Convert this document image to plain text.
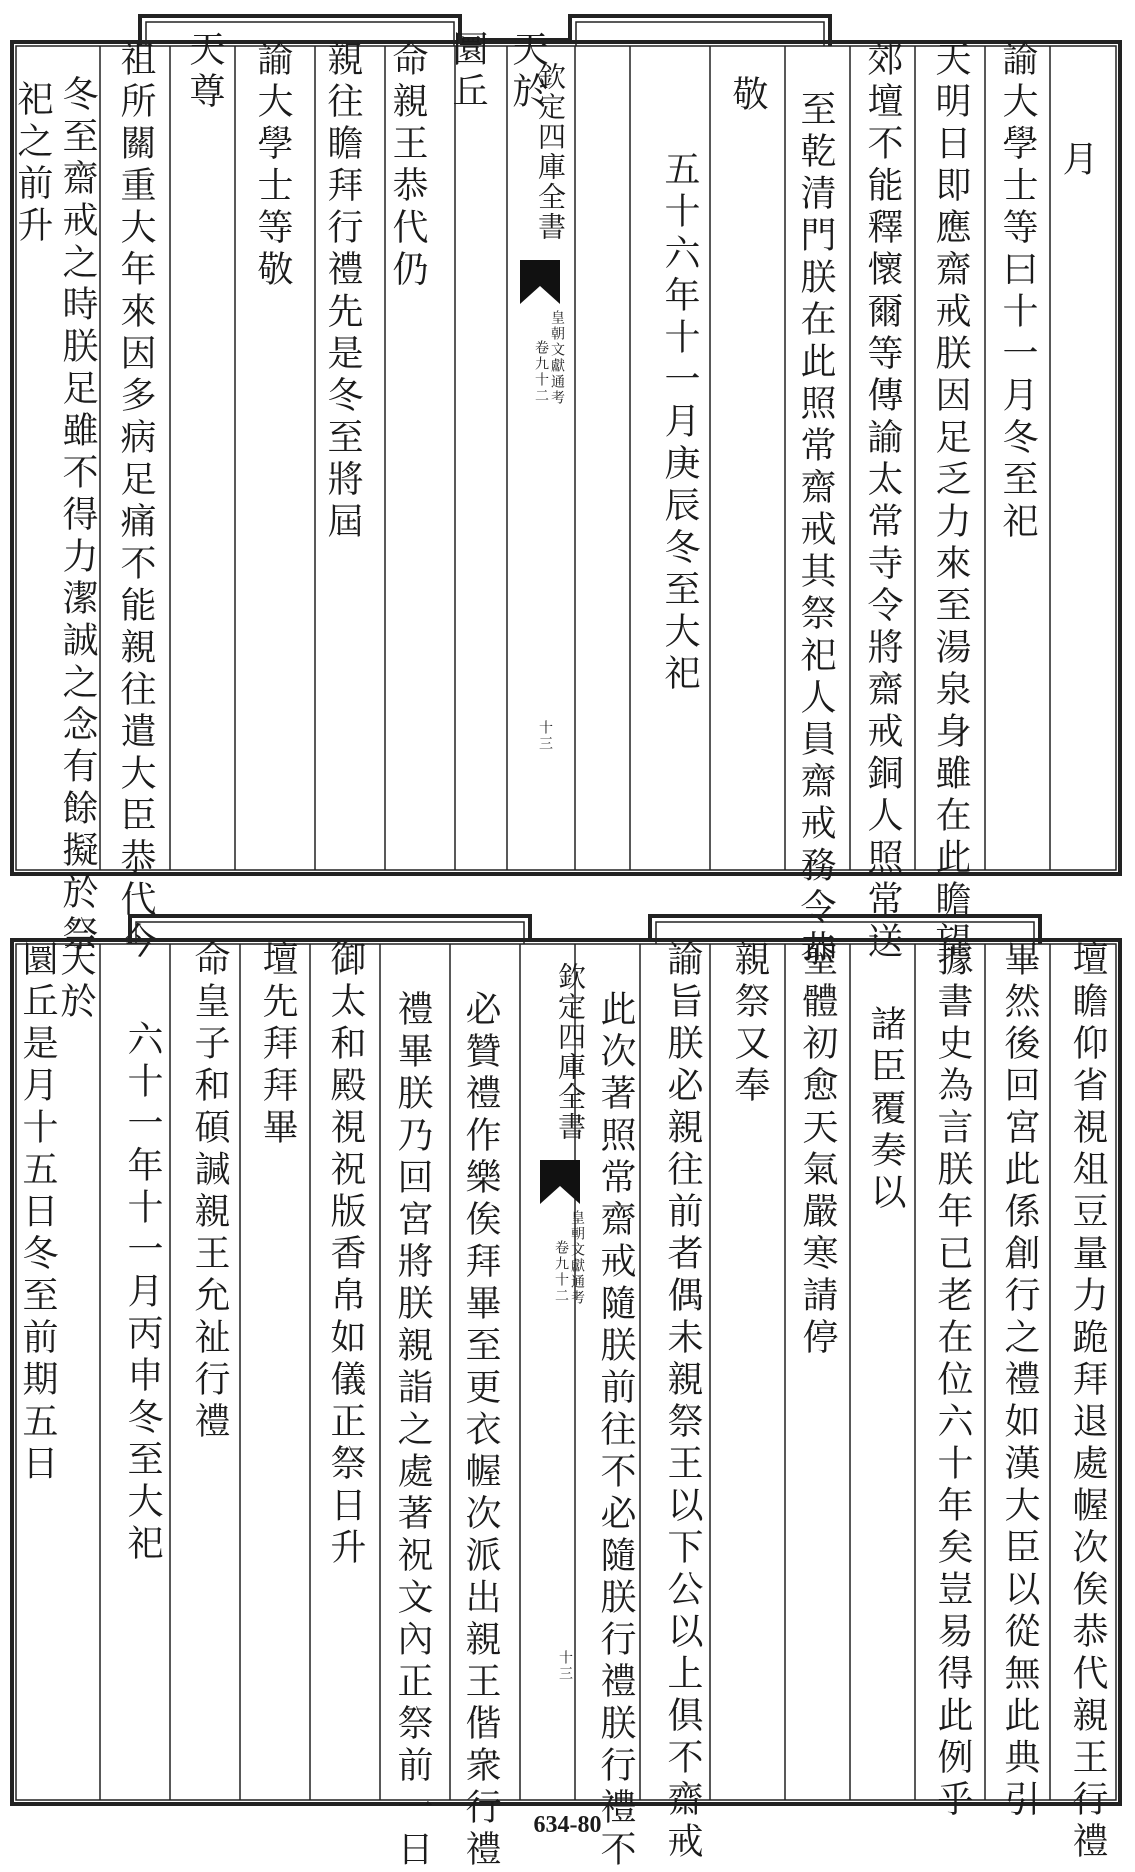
月
諭大學士等曰十一月冬至祀
天明日即應齋戒朕因足乏力來至湯泉身雖在此瞻望
郊壇不能釋懷爾等傳諭太常寺令將齋戒銅人照常送
至乾清門朕在此照常齋戒其祭祀人員齋戒務令恭
敬
五十六年十一月庚辰冬至大祀
欽定四庫全書
皇朝文獻通考
卷九十二
十三
天於
圜丘
命親王恭代仍
親往瞻拜行禮先是冬至將屆
諭大學士等敬
天尊
祖所關重大年來因多病足痛不能親往遣大臣恭代今
冬至齋戒之時朕足雖不得力潔誠之念有餘擬於祭
祀之前升
壇瞻仰省視俎豆量力跪拜退處幄次俟恭代親王行禮
畢然後回宮此係創行之禮如漢大臣以從無此典引
據書史為言朕年已老在位六十年矣豈易得此例乎
諸臣覆奏以
聖體初愈天氣嚴寒請停
親祭又奉
諭旨朕必親往前者偶未親祭王以下公以上俱不齋戒
此次著照常齋戒隨朕前往不必隨朕行禮朕行禮不
欽定四庫全書
皇朝文獻通考
卷九十二
十三
必贊禮作樂俟拜畢至更衣幄次派出親王偕衆行禮
禮畢朕乃回宮將朕親詣之處著祝文內正祭前一日
御太和殿視祝版香帛如儀正祭日升
壇先拜拜畢
命皇子和碩諴親王允祉行禮
六十一年十一月丙申冬至大祀
天於
圜丘是月十五日冬至前期五日
634-80
